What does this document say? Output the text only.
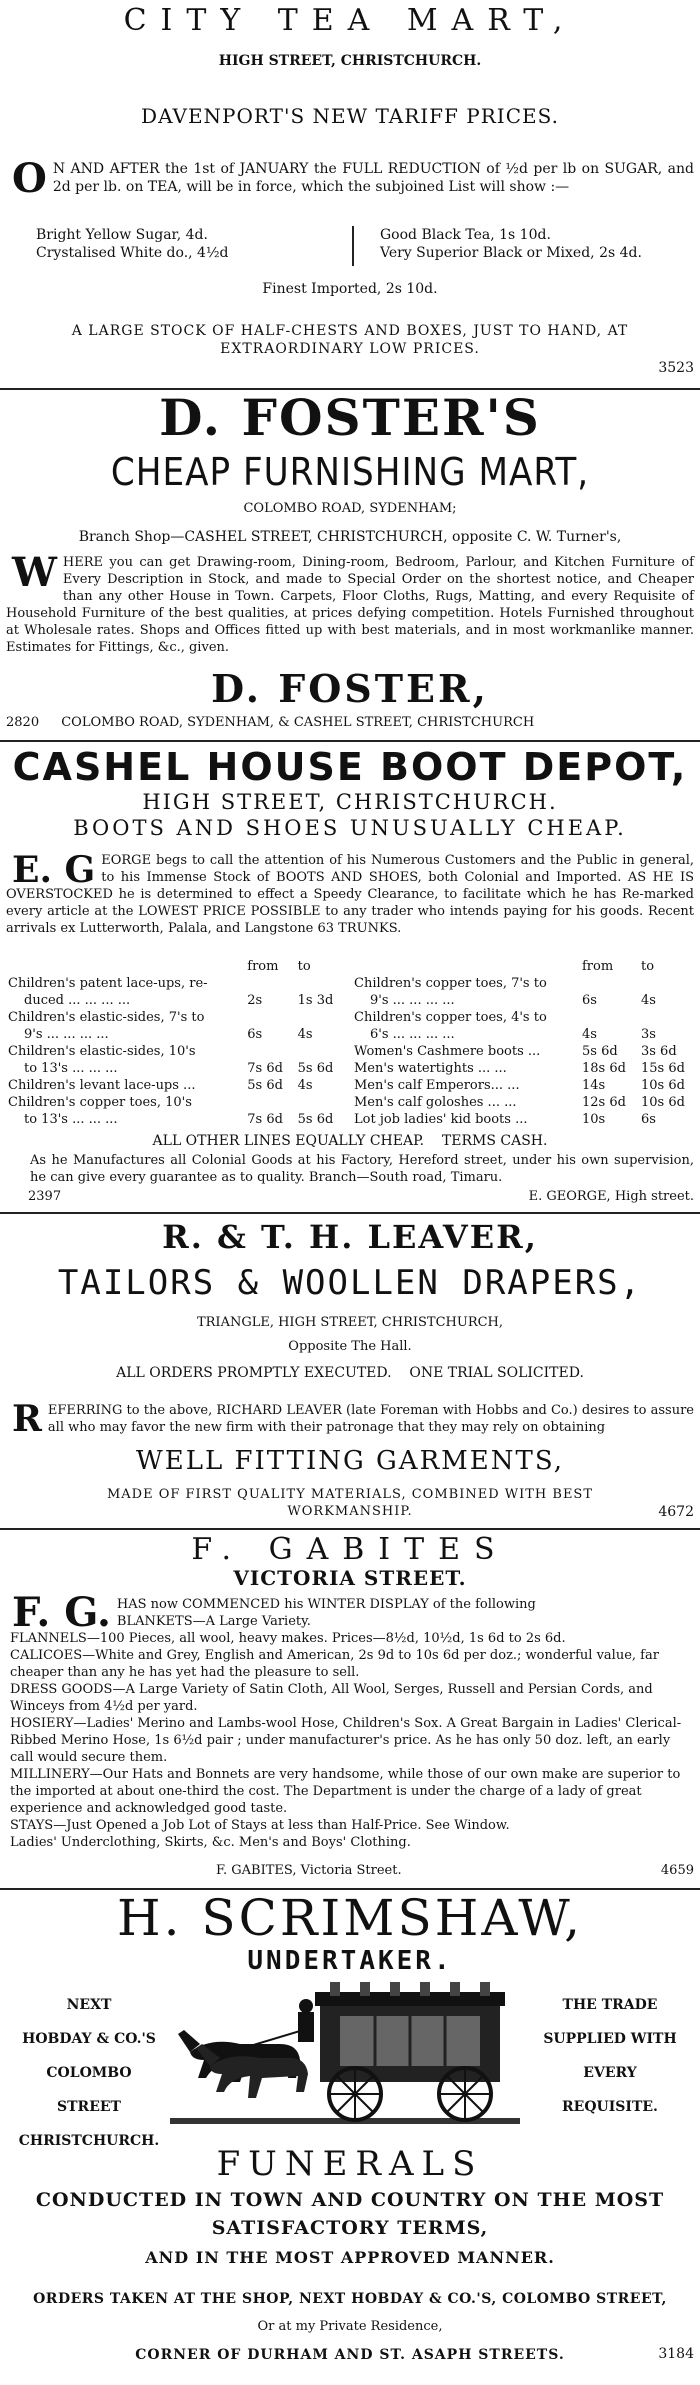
CITY TEA MART,
HIGH STREET, CHRISTCHURCH.
DAVENPORT'S NEW TARIFF PRICES.
O N AND AFTER the 1st of JANUARY the FULL REDUCTION of ½d per lb on SUGAR, and 2d per lb. on TEA, will be in force, which the subjoined List will show :—
Bright Yellow Sugar, 4d.
Crystalised White do., 4½d
Good Black Tea, 1s 10d.
Very Superior Black or Mixed, 2s 4d.
Finest Imported, 2s 10d.
A LARGE STOCK OF HALF-CHESTS AND BOXES, JUST TO HAND, AT EXTRAORDINARY LOW PRICES.
3523
D. FOSTER'S
CHEAP FURNISHING MART,
COLOMBO ROAD, SYDENHAM;
Branch Shop—CASHEL STREET, CHRISTCHURCH, opposite C. W. Turner's,
WHERE you can get Drawing-room, Dining-room, Bedroom, Parlour, and Kitchen Furniture of Every Description in Stock, and made to Special Order on the shortest notice, and Cheaper than any other House in Town. Carpets, Floor Cloths, Rugs, Matting, and every Requisite of Household Furniture of the best qualities, at prices defying competition. Hotels Furnished throughout at Wholesale rates. Shops and Offices fitted up with best materials, and in most workmanlike manner. Estimates for Fittings, &c., given.
D. FOSTER,
2820 COLOMBO ROAD, SYDENHAM, & CASHEL STREET, CHRISTCHURCH
CASHEL HOUSE BOOT DEPOT,
HIGH STREET, CHRISTCHURCH.
BOOTS AND SHOES UNUSUALLY CHEAP.
E. G EORGE begs to call the attention of his Numerous Customers and the Public in general, to his Immense Stock of BOOTS AND SHOES, both Colonial and Imported. AS HE IS OVERSTOCKED he is determined to effect a Speedy Clearance, to facilitate which he has Re-marked every article at the LOWEST PRICE POSSIBLE to any trader who intends paying for his goods. Recent arrivals ex Lutterworth, Palala, and Langstone 63 TRUNKS.
	from	to
Children's patent lace-ups, re-		
duced ... ... ... ...	2s	1s 3d
Children's elastic-sides, 7's to		
9's ... ... ... ...	6s	4s
Children's elastic-sides, 10's		
to 13's ... ... ...	7s 6d	5s 6d
Children's levant lace-ups ...	5s 6d	4s
Children's copper toes, 10's		
to 13's ... ... ...	7s 6d	5s 6d
	from	to
Children's copper toes, 7's to		
9's ... ... ... ...	6s	4s
Children's copper toes, 4's to		
6's ... ... ... ...	4s	3s
Women's Cashmere boots ...	5s 6d	3s 6d
Men's watertights ... ...	18s 6d	15s 6d
Men's calf Emperors... ...	14s	10s 6d
Men's calf goloshes ... ...	12s 6d	10s 6d
Lot job ladies' kid boots ...	10s	6s
ALL OTHER LINES EQUALLY CHEAP.    TERMS CASH.
As he Manufactures all Colonial Goods at his Factory, Hereford street, under his own supervision, he can give every guarantee as to quality. Branch—South road, Timaru.
2397	E. GEORGE, High street.
R. & T. H. LEAVER,
TAILORS & WOOLLEN DRAPERS,
TRIANGLE, HIGH STREET, CHRISTCHURCH,
Opposite The Hall.
ALL ORDERS PROMPTLY EXECUTED.    ONE TRIAL SOLICITED.
REFERRING to the above, RICHARD LEAVER (late Foreman with Hobbs and Co.) desires to assure all who may favor the new firm with their patronage that they may rely on obtaining
WELL FITTING GARMENTS,
MADE OF FIRST QUALITY MATERIALS, COMBINED WITH BEST WORKMANSHIP.	4672
F. GABITES
VICTORIA STREET.
F. G. HAS now COMMENCED his WINTER DISPLAY of the following
BLANKETS—A Large Variety.
FLANNELS—100 Pieces, all wool, heavy makes. Prices—8½d, 10½d, 1s 6d to 2s 6d.
CALICOES—White and Grey, English and American, 2s 9d to 10s 6d per doz.; wonderful value, far cheaper than any he has yet had the pleasure to sell.
DRESS GOODS—A Large Variety of Satin Cloth, All Wool, Serges, Russell and Persian Cords, and Winceys from 4½d per yard.
HOSIERY—Ladies' Merino and Lambs-wool Hose, Children's Sox. A Great Bargain in Ladies' Clerical-Ribbed Merino Hose, 1s 6½d pair ; under manufacturer's price. As he has only 50 doz. left, an early call would secure them.
MILLINERY—Our Hats and Bonnets are very handsome, while those of our own make are superior to the imported at about one-third the cost. The Department is under the charge of a lady of great experience and acknowledged good taste.
STAYS—Just Opened a Job Lot of Stays at less than Half-Price. See Window.
Ladies' Underclothing, Skirts, &c. Men's and Boys' Clothing.
F. GABITES, Victoria Street.	4659
H. SCRIMSHAW,
UNDERTAKER.
NEXT
HOBDAY & CO.'S
COLOMBO STREET
CHRISTCHURCH.
THE TRADE
SUPPLIED WITH
EVERY
REQUISITE.
FUNERALS
CONDUCTED IN TOWN AND COUNTRY ON THE MOST SATISFACTORY TERMS,
AND IN THE MOST APPROVED MANNER.
ORDERS TAKEN AT THE SHOP, NEXT HOBDAY & CO.'S, COLOMBO STREET,
Or at my Private Residence,
CORNER OF DURHAM AND ST. ASAPH STREETS.	3184
